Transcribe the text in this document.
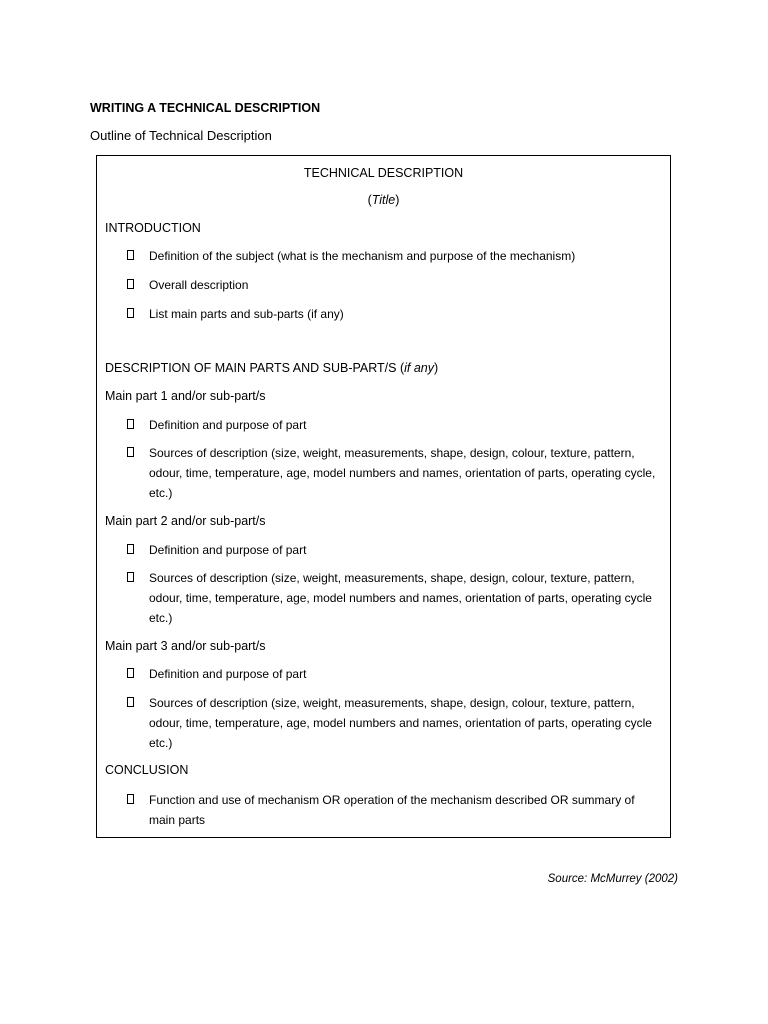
WRITING A TECHNICAL DESCRIPTION
Outline of Technical Description
TECHNICAL DESCRIPTION
(Title)
INTRODUCTION
Definition of the subject (what is the mechanism and purpose of the mechanism)
Overall description
List main parts and sub-parts (if any)
DESCRIPTION OF MAIN PARTS AND SUB-PART/S (if any)
Main part 1 and/or sub-part/s
Definition and purpose of part
Sources of description (size, weight, measurements, shape, design, colour, texture, pattern, odour, time, temperature, age, model numbers and names, orientation of parts, operating cycle, etc.)
Main part 2 and/or sub-part/s
Definition and purpose of part
Sources of description (size, weight, measurements, shape, design, colour, texture, pattern, odour, time, temperature, age, model numbers and names, orientation of parts, operating cycle etc.)
Main part 3 and/or sub-part/s
Definition and purpose of part
Sources of description (size, weight, measurements, shape, design, colour, texture, pattern, odour, time, temperature, age, model numbers and names, orientation of parts, operating cycle etc.)
CONCLUSION
Function and use of mechanism OR operation of the mechanism described OR summary of main parts
Source: McMurrey (2002)
